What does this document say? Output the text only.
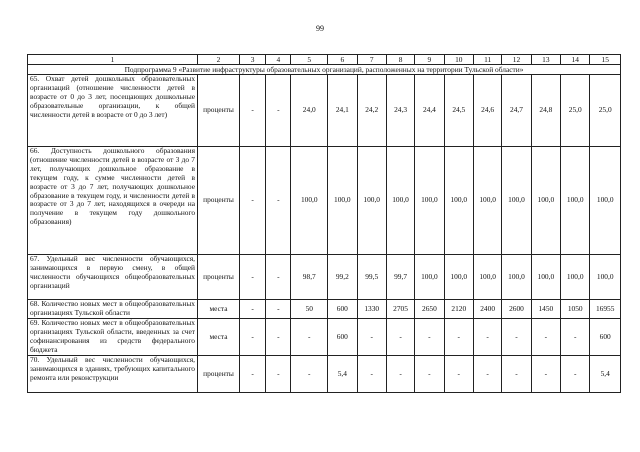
99
1	2	3	4	5	6	7	8	9	10	11	12	13	14	15
Подпрограмма 9 «Развитие инфраструктуры образовательных организаций, расположенных на территории Тульской области»														
65. Охват детей дошкольных образовательных организаций (отношение численности детей в возрасте от 0 до 3 лет, посещающих дошкольные образовательные организации, к общей численности детей в возрасте от 0 до 3 лет)	проценты	-	-	24,0	24,1	24,2	24,3	24,4	24,5	24,6	24,7	24,8	25,0	25,0
66. Доступность дошкольного образования (отношение численности детей в возрасте от 3 до 7 лет, получающих дошкольное образование в текущем году, к сумме численности детей в возрасте от 3 до 7 лет, получающих дошкольное образование в текущем году, и численности детей в возрасте от 3 до 7 лет, находящихся в очереди на получение в текущем году дошкольного образования)	проценты	-	-	100,0	100,0	100,0	100,0	100,0	100,0	100,0	100,0	100,0	100,0	100,0
67. Удельный вес численности обучающихся, занимающихся в первую смену, в общей численности обучающихся общеобразовательных организаций	проценты	-	-	98,7	99,2	99,5	99,7	100,0	100,0	100,0	100,0	100,0	100,0	100,0
68. Количество новых мест в общеобразовательных организациях Тульской области	места	-	-	50	600	1330	2705	2650	2120	2400	2600	1450	1050	16955
69. Количество новых мест в общеобразовательных организациях Тульской области, введенных за счет софинансирования из средств федерального бюджета	места	-	-	-	600	-	-	-	-	-	-	-	-	600
70. Удельный вес численности обучающихся, занимающихся в зданиях, требующих капитального ремонта или реконструкции	проценты	-	-	-	5,4	-	-	-	-	-	-	-	-	5,4
